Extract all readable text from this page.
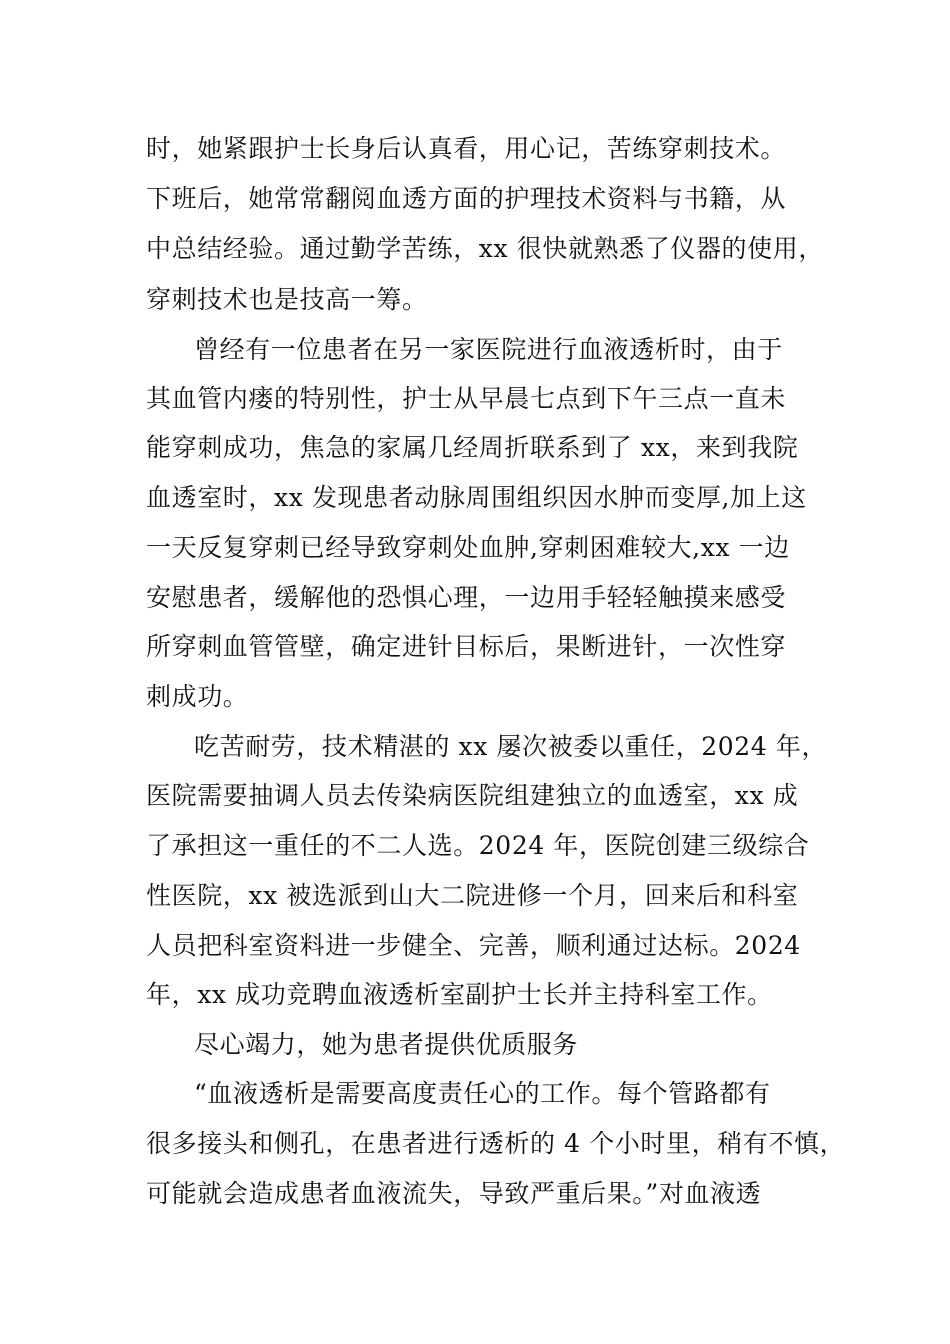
时，她紧跟护士长身后认真看，用心记，苦练穿刺技术。
下班后，她常常翻阅血透方面的护理技术资料与书籍，从
中总结经验。通过勤学苦练，xx 很快就熟悉了仪器的使用，
穿刺技术也是技高一筹。
曾经有一位患者在另一家医院进行血液透析时，由于
其血管内瘘的特别性，护士从早晨七点到下午三点一直未
能穿刺成功，焦急的家属几经周折联系到了 xx，来到我院
血透室时，xx 发现患者动脉周围组织因水肿而变厚,加上这
一天反复穿刺已经导致穿刺处血肿,穿刺困难较大,xx 一边
安慰患者，缓解他的恐惧心理，一边用手轻轻触摸来感受
所穿刺血管管壁，确定进针目标后，果断进针，一次性穿
刺成功。
吃苦耐劳，技术精湛的 xx 屡次被委以重任，2024 年，
医院需要抽调人员去传染病医院组建独立的血透室，xx 成
了承担这一重任的不二人选。2024 年，医院创建三级综合
性医院，xx 被选派到山大二院进修一个月，回来后和科室
人员把科室资料进一步健全、完善，顺利通过达标。2024
年，xx 成功竞聘血液透析室副护士长并主持科室工作。
尽心竭力，她为患者提供优质服务
“血液透析是需要高度责任心的工作。每个管路都有
很多接头和侧孔，在患者进行透析的 4 个小时里，稍有不慎，
可能就会造成患者血液流失，导致严重后果。”对血液透
